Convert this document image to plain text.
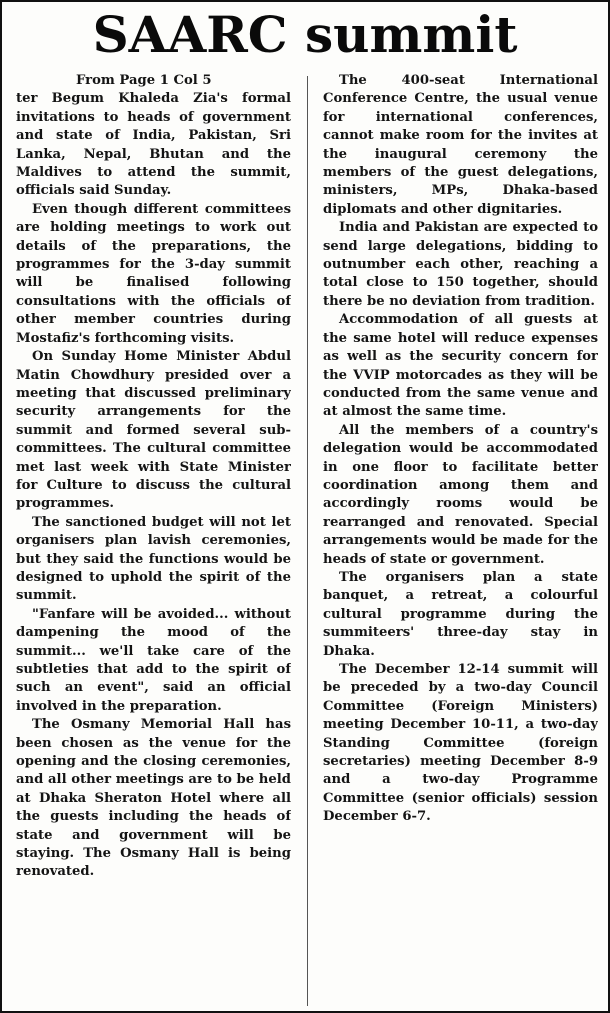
SAARC summit

From Page 1 Col 5

ter Begum Khaleda Zia's formal invitations to heads of government and state of India, Pakistan, Sri Lanka, Nepal, Bhutan and the Maldives to attend the summit, officials said Sunday.

Even though different committees are holding meetings to work out details of the preparations, the programmes for the 3-day summit will be finalised following consultations with the officials of other member countries during Mostafiz's forthcoming visits.

On Sunday Home Minister Abdul Matin Chowdhury presided over a meeting that discussed preliminary security arrangements for the summit and formed several sub-committees. The cultural committee met last week with State Minister for Culture to discuss the cultural programmes.

The sanctioned budget will not let organisers plan lavish ceremonies, but they said the functions would be designed to uphold the spirit of the summit.

"Fanfare will be avoided... without dampening the mood of the summit... we'll take care of the subtleties that add to the spirit of such an event", said an official involved in the preparation.

The Osmany Memorial Hall has been chosen as the venue for the opening and the closing ceremonies, and all other meetings are to be held at Dhaka Sheraton Hotel where all the guests including the heads of state and government will be staying. The Osmany Hall is being renovated.

The 400-seat International Conference Centre, the usual venue for international conferences, cannot make room for the invites at the inaugural ceremony the members of the guest delegations, ministers, MPs, Dhaka-based diplomats and other dignitaries.

India and Pakistan are expected to send large delegations, bidding to outnumber each other, reaching a total close to 150 together, should there be no deviation from tradition.

Accommodation of all guests at the same hotel will reduce expenses as well as the security concern for the VVIP motorcades as they will be conducted from the same venue and at almost the same time.

All the members of a country's delegation would be accommodated in one floor to facilitate better coordination among them and accordingly rooms would be rearranged and renovated. Special arrangements would be made for the heads of state or government.

The organisers plan a state banquet, a retreat, a colourful cultural programme during the summiteers' three-day stay in Dhaka.

The December 12-14 summit will be preceded by a two-day Council Committee (Foreign Ministers) meeting December 10-11, a two-day Standing Committee (foreign secretaries) meeting December 8-9 and a two-day Programme Committee (senior officials) session December 6-7.
